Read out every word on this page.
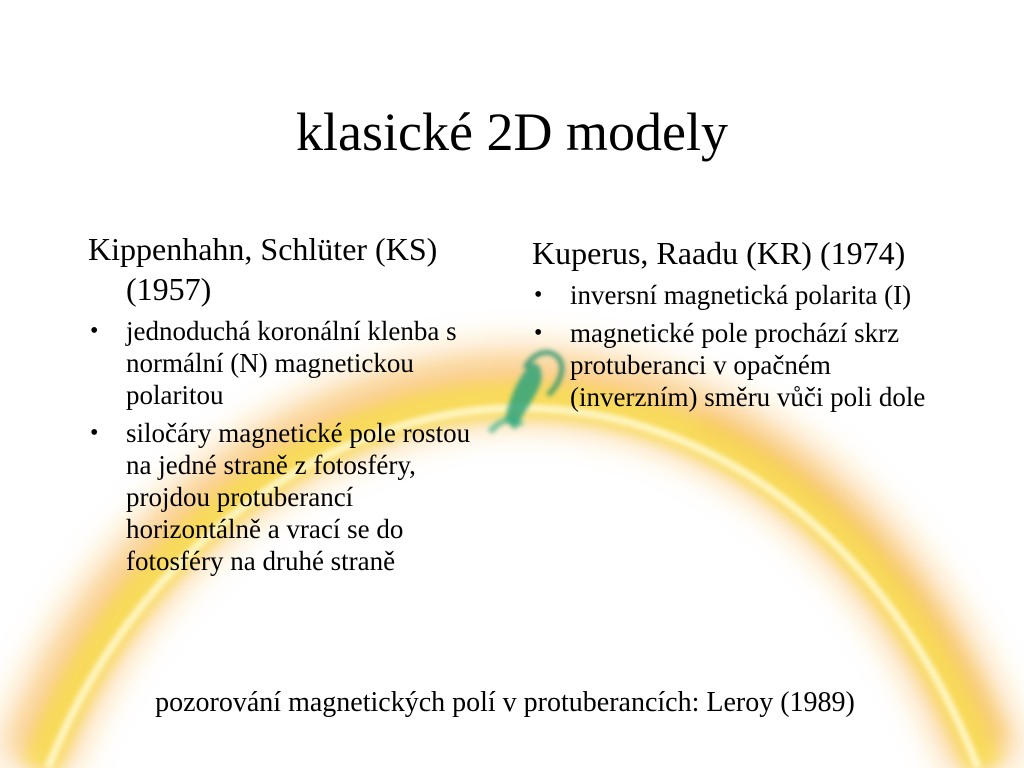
klasické 2D modely

Kippenhahn, Schlüter (KS) (1957)

• jednoduchá koronální klenba s normální (N) magnetickou polaritou
• siločáry magnetické pole rostou na jedné straně z fotosféry, projdou protuberancí horizontálně a vrací se do fotosféry na druhé straně

Kuperus, Raadu (KR) (1974)

• inversní magnetická polarita (I)
• magnetické pole prochází skrz protuberanci v opačném (inverzním) směru vůči poli dole
pozorování magnetických polí v protuberancích: Leroy (1989)
